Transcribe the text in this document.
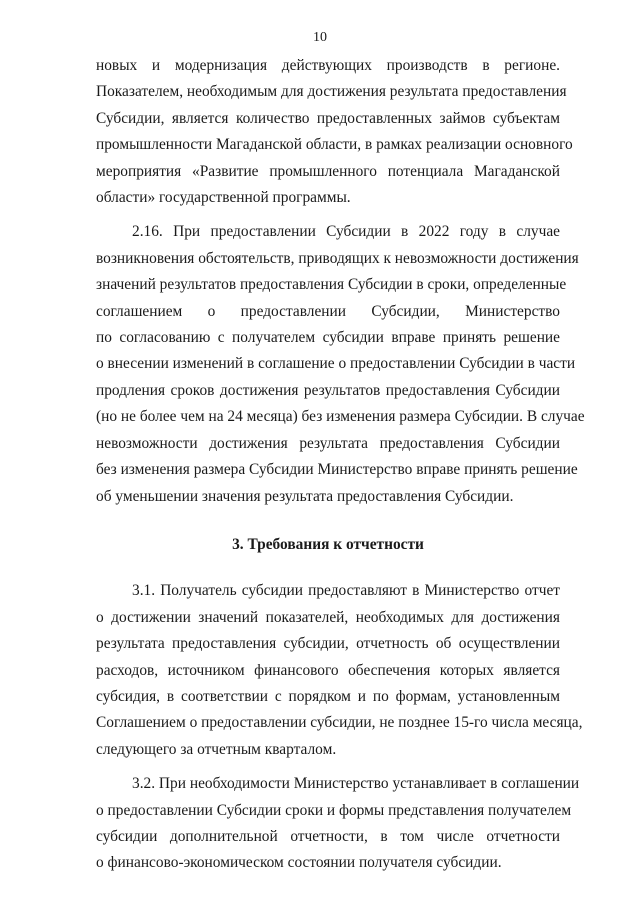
10

новых и модернизация действующих производств в регионе.
Показателем, необходимым для достижения результата предоставления
Субсидии, является количество предоставленных займов субъектам
промышленности Магаданской области, в рамках реализации основного
мероприятия «Развитие промышленного потенциала Магаданской
области» государственной программы.

2.16. При предоставлении Субсидии в 2022 году в случае
возникновения обстоятельств, приводящих к невозможности достижения
значений результатов предоставления Субсидии в сроки, определенные
соглашением о предоставлении Субсидии, Министерство
по согласованию с получателем субсидии вправе принять решение
о внесении изменений в соглашение о предоставлении Субсидии в части
продления сроков достижения результатов предоставления Субсидии
(но не более чем на 24 месяца) без изменения размера Субсидии. В случае
невозможности достижения результата предоставления Субсидии
без изменения размера Субсидии Министерство вправе принять решение
об уменьшении значения результата предоставления Субсидии.

3. Требования к отчетности

3.1. Получатель субсидии предоставляют в Министерство отчет
о достижении значений показателей, необходимых для достижения
результата предоставления субсидии, отчетность об осуществлении
расходов, источником финансового обеспечения которых является
субсидия, в соответствии с порядком и по формам, установленным
Соглашением о предоставлении субсидии, не позднее 15-го числа месяца,
следующего за отчетным кварталом.

3.2. При необходимости Министерство устанавливает в соглашении
о предоставлении Субсидии сроки и формы представления получателем
субсидии дополнительной отчетности, в том числе отчетности
о финансово-экономическом состоянии получателя субсидии.
